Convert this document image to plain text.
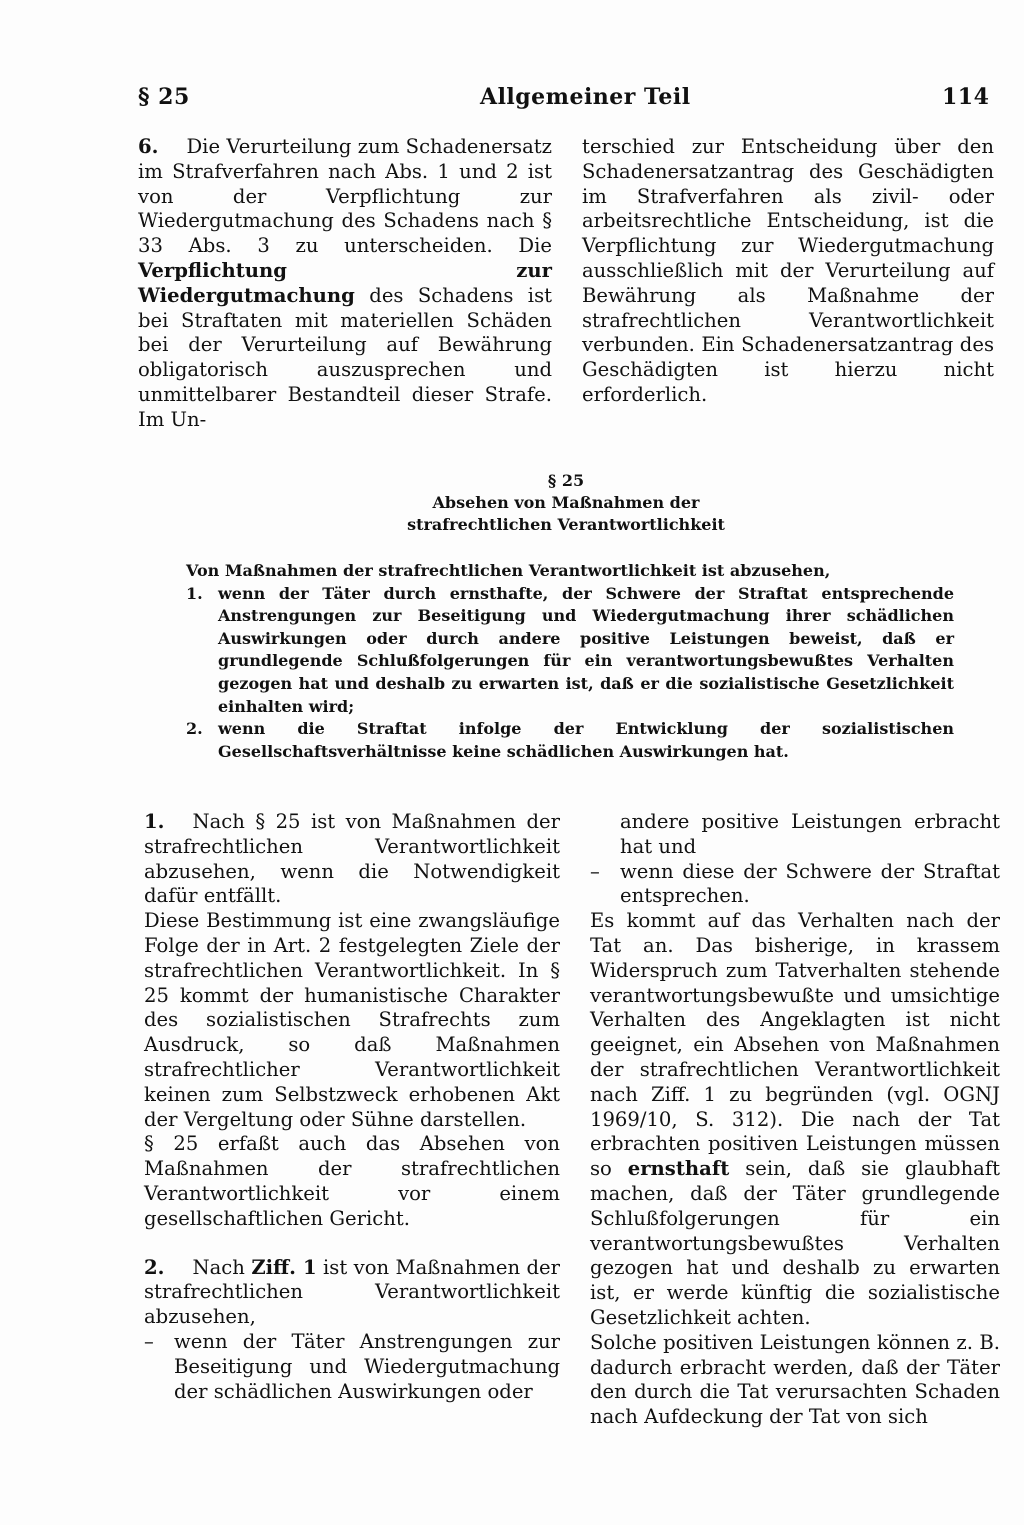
§ 25	Allgemeiner Teil	114

6. Die Verurteilung zum Schadenersatz im Strafverfahren nach Abs. 1 und 2 ist von der Verpflichtung zur Wiedergutmachung des Schadens nach § 33 Abs. 3 zu unterscheiden. Die Verpflichtung zur Wiedergutmachung des Schadens ist bei Straftaten mit materiellen Schäden bei der Verurteilung auf Bewährung obligatorisch auszusprechen und unmittelbarer Bestandteil dieser Strafe. Im Un-

terschied zur Entscheidung über den Schadenersatzantrag des Geschädigten im Strafverfahren als zivil- oder arbeitsrechtliche Entscheidung, ist die Verpflichtung zur Wiedergutmachung ausschließlich mit der Verurteilung auf Bewährung als Maßnahme der strafrechtlichen Verantwortlichkeit verbunden. Ein Schadenersatzantrag des Geschädigten ist hierzu nicht erforderlich.

§ 25
Absehen von Maßnahmen der
strafrechtlichen Verantwortlichkeit

Von Maßnahmen der strafrechtlichen Verantwortlichkeit ist abzusehen,

1. wenn der Täter durch ernsthafte, der Schwere der Straftat entsprechende Anstrengungen zur Beseitigung und Wiedergutmachung ihrer schädlichen Auswirkungen oder durch andere positive Leistungen beweist, daß er grundlegende Schlußfolgerungen für ein verantwortungsbewußtes Verhalten gezogen hat und deshalb zu erwarten ist, daß er die sozialistische Gesetzlichkeit einhalten wird;

2. wenn die Straftat infolge der Entwicklung der sozialistischen Gesellschaftsverhältnisse keine schädlichen Auswirkungen hat.

1. Nach § 25 ist von Maßnahmen der strafrechtlichen Verantwortlichkeit abzusehen, wenn die Notwendigkeit dafür entfällt.

Diese Bestimmung ist eine zwangsläufige Folge der in Art. 2 festgelegten Ziele der strafrechtlichen Verantwortlichkeit. In § 25 kommt der humanistische Charakter des sozialistischen Strafrechts zum Ausdruck, so daß Maßnahmen strafrechtlicher Verantwortlichkeit keinen zum Selbstzweck erhobenen Akt der Vergeltung oder Sühne darstellen.

§ 25 erfaßt auch das Absehen von Maßnahmen der strafrechtlichen Verantwortlichkeit vor einem gesellschaftlichen Gericht.

2. Nach Ziff. 1 ist von Maßnahmen der strafrechtlichen Verantwortlichkeit abzusehen,

– wenn der Täter Anstrengungen zur Beseitigung und Wiedergutmachung der schädlichen Auswirkungen oder

andere positive Leistungen erbracht hat und

– wenn diese der Schwere der Straftat entsprechen.

Es kommt auf das Verhalten nach der Tat an. Das bisherige, in krassem Widerspruch zum Tatverhalten stehende verantwortungsbewußte und umsichtige Verhalten des Angeklagten ist nicht geeignet, ein Absehen von Maßnahmen der strafrechtlichen Verantwortlichkeit nach Ziff. 1 zu begründen (vgl. OGNJ 1969/10, S. 312). Die nach der Tat erbrachten positiven Leistungen müssen so ernsthaft sein, daß sie glaubhaft machen, daß der Täter grundlegende Schlußfolgerungen für ein verantwortungsbewußtes Verhalten gezogen hat und deshalb zu erwarten ist, er werde künftig die sozialistische Gesetzlichkeit achten.

Solche positiven Leistungen können z. B. dadurch erbracht werden, daß der Täter den durch die Tat verursachten Schaden nach Aufdeckung der Tat von sich
